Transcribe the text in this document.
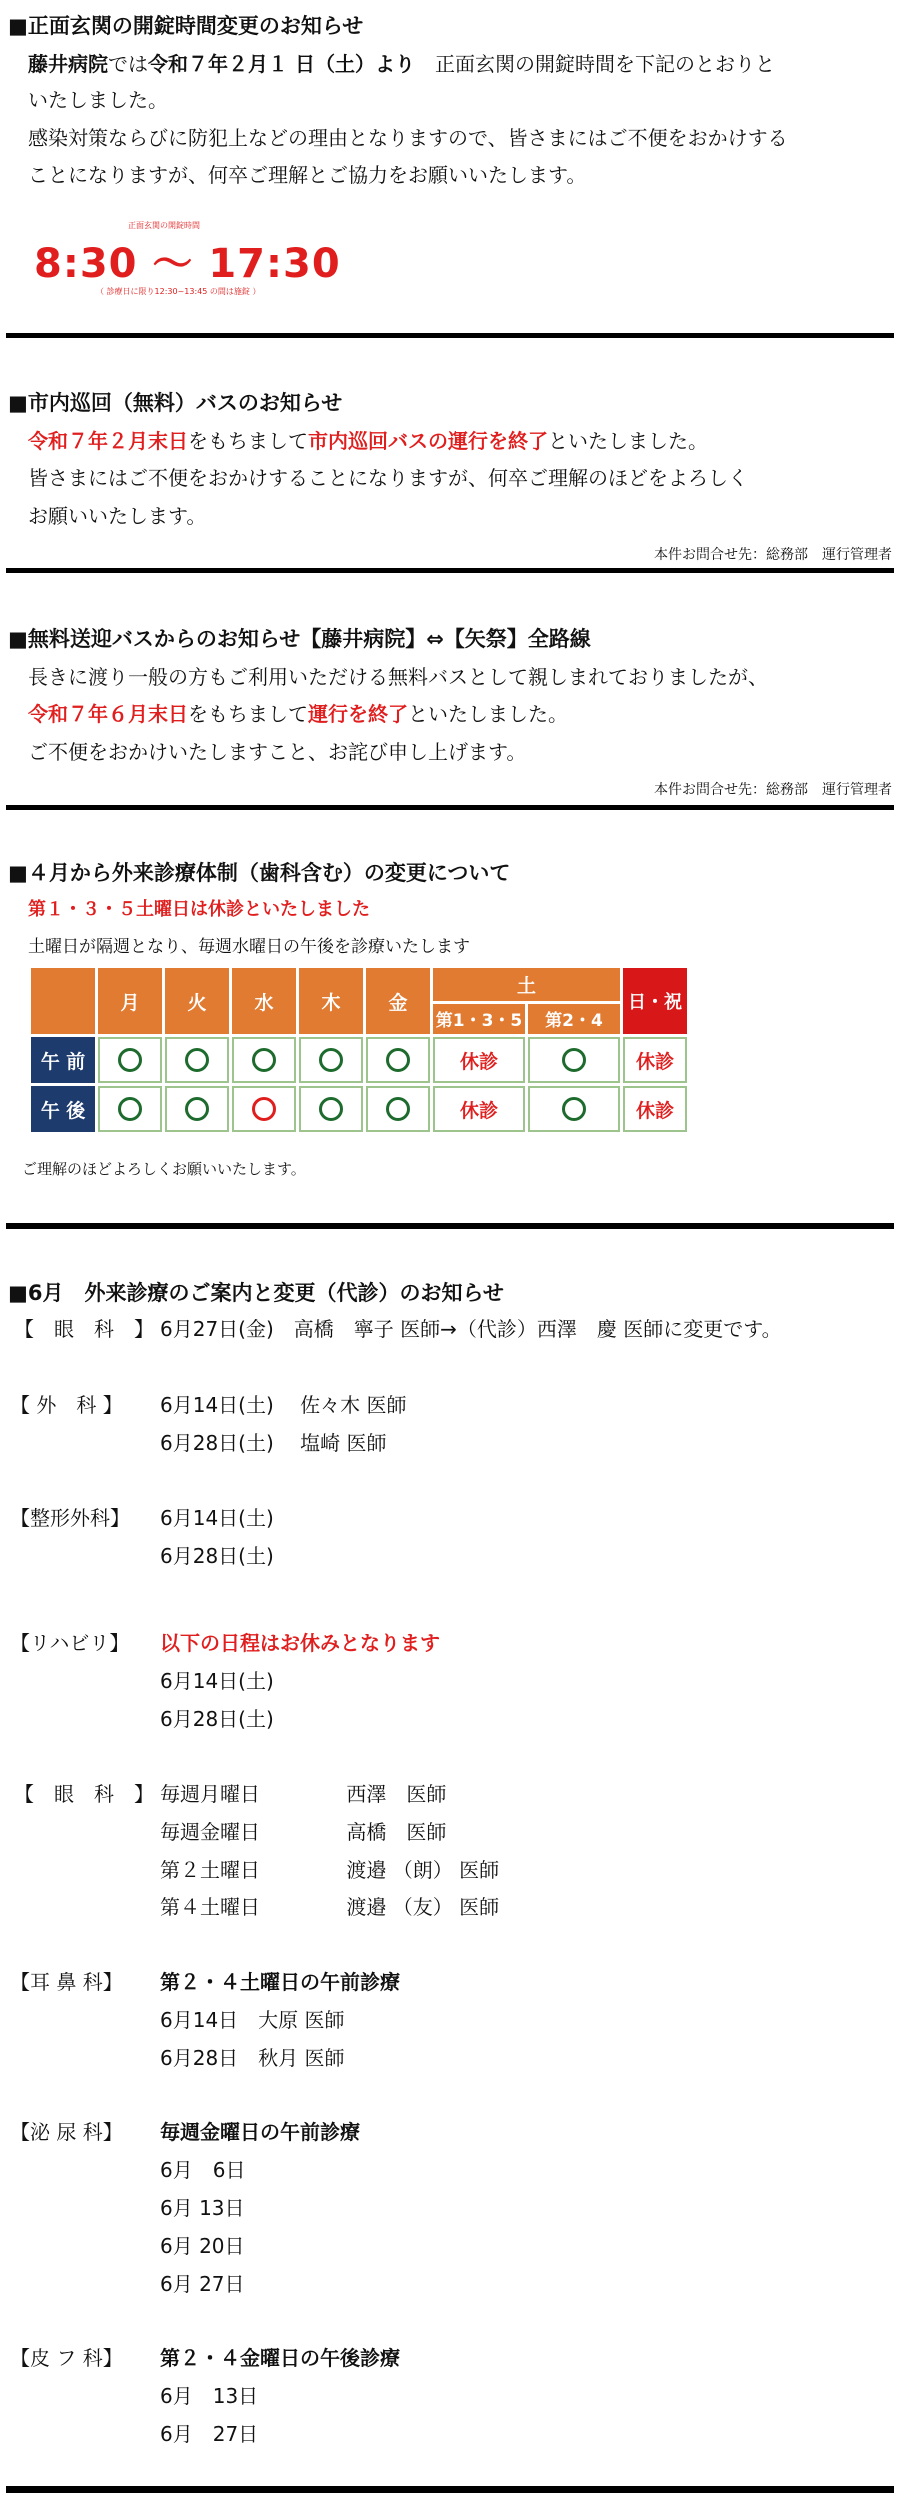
■正面玄関の開錠時間変更のお知らせ
藤井病院では令和７年２月１ 日（土）より　正面玄関の開錠時間を下記のとおりと
いたしました。
感染対策ならびに防犯上などの理由となりますので、皆さまにはご不便をおかけする
ことになりますが、何卒ご理解とご協力をお願いいたします。
正面玄関の開錠時間
8:30 ～ 17:30
（ 診療日に限り12:30~13:45 の間は施錠 ）
■市内巡回（無料）バスのお知らせ
令和７年２月末日をもちまして市内巡回バスの運行を終了といたしました。
皆さまにはご不便をおかけすることになりますが、何卒ご理解のほどをよろしく
お願いいたします。
本件お問合せ先：総務部　運行管理者
■無料送迎バスからのお知らせ【藤井病院】⇔【矢祭】全路線
長きに渡り一般の方もご利用いただける無料バスとして親しまれておりましたが、
令和７年６月末日をもちまして運行を終了といたしました。
ご不便をおかけいたしますこと、お詫び申し上げます。
本件お問合せ先：総務部　運行管理者
■４月から外来診療体制（歯科含む）の変更について
第１・３・５土曜日は休診といたしました
土曜日が隔週となり、毎週水曜日の午後を診療いたします
	月	火	水	木	金	土		日・祝
						第1・3・5	第2・4	
午 前						休診		休診
午 後						休診		休診
ご理解のほどよろしくお願いいたします。
■6月　外来診療のご案内と変更（代診）のお知らせ
【　眼　科　】 6月27日(金)　高橋　寧子 医師→（代診）西澤　慶 医師に変更です。
【 外　科 】 6月14日(土)　 佐々木 医師
6月28日(土)　 塩崎 医師
【整形外科】 6月14日(土)
6月28日(土)
【リハビリ】 以下の日程はお休みとなります
6月14日(土)
6月28日(土)
【　眼　科　】 毎週月曜日　　　　 西澤　医師
毎週金曜日　　　　 高橋　医師
第２土曜日　　　　 渡邉 （朗） 医師
第４土曜日　　　　 渡邉 （友） 医師
【耳 鼻 科】 第２・４土曜日の午前診療
6月14日　大原 医師
6月28日　秋月 医師
【泌 尿 科】 毎週金曜日の午前診療
6月　6日
6月 13日
6月 20日
6月 27日
【皮 フ 科】 第２・４金曜日の午後診療
6月　13日
6月　27日
